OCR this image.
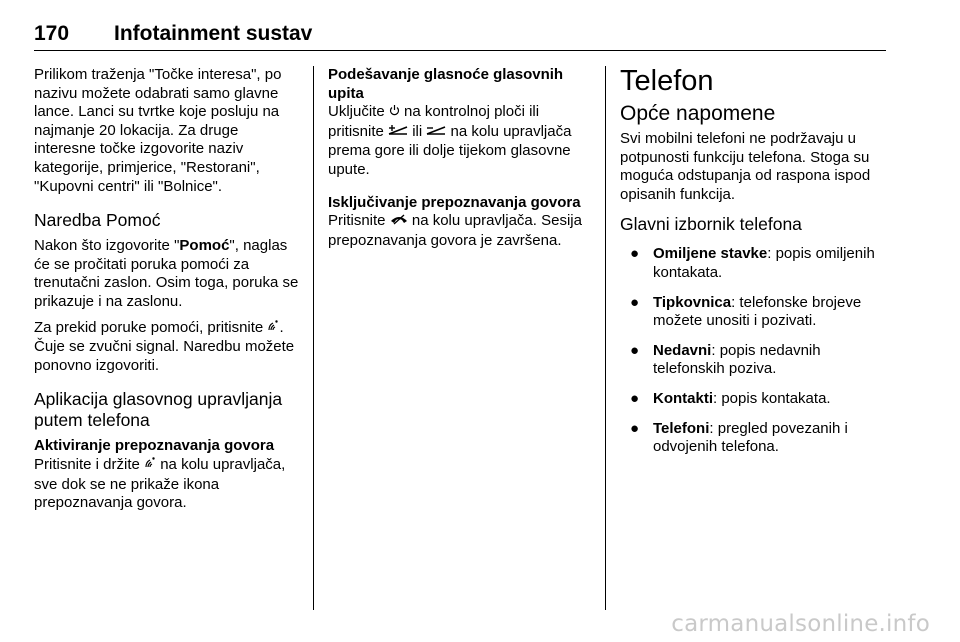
170 Infotainment sustav

Prilikom traženja "Točke interesa", po nazivu možete odabrati samo glavne lance. Lanci su tvrtke koje posluju na najmanje 20 lokacija. Za druge interesne točke izgovorite naziv kategorije, primjerice, "Restorani", "Kupovni centri" ili "Bolnice".

Naredba Pomoć

Nakon što izgovorite "Pomoć", naglas će se pročitati poruka pomoći za trenutačni zaslon. Osim toga, poruka se prikazuje i na zaslonu.

Za prekid poruke pomoći, pritisnite . Čuje se zvučni signal. Naredbu možete ponovno izgovoriti.

Aplikacija glasovnog upravljanja putem telefona
Aktiviranje prepoznavanja govora

Pritisnite i držite  na kolu upravljača, sve dok se ne prikaže ikona prepoznavanja govora.

Podešavanje glasnoće glasovnih upita

Uključite  na kontrolnoj ploči ili pritisnite  ili  na kolu upravljača prema gore ili dolje tijekom glasovne upute.

Isključivanje prepoznavanja govora

Pritisnite  na kolu upravljača. Sesija prepoznavanja govora je završena.

Telefon
Opće napomene

Svi mobilni telefoni ne podržavaju u potpunosti funkciju telefona. Stoga su moguća odstupanja od raspona ispod opisanih funkcija.

Glavni izbornik telefona
● Omiljene stavke: popis omiljenih kontakata.
● Tipkovnica: telefonske brojeve možete unositi i pozivati.
● Nedavni: popis nedavnih telefonskih poziva.
● Kontakti: popis kontakata.
● Telefoni: pregled povezanih i odvojenih telefona.
carmanualsonline.info
